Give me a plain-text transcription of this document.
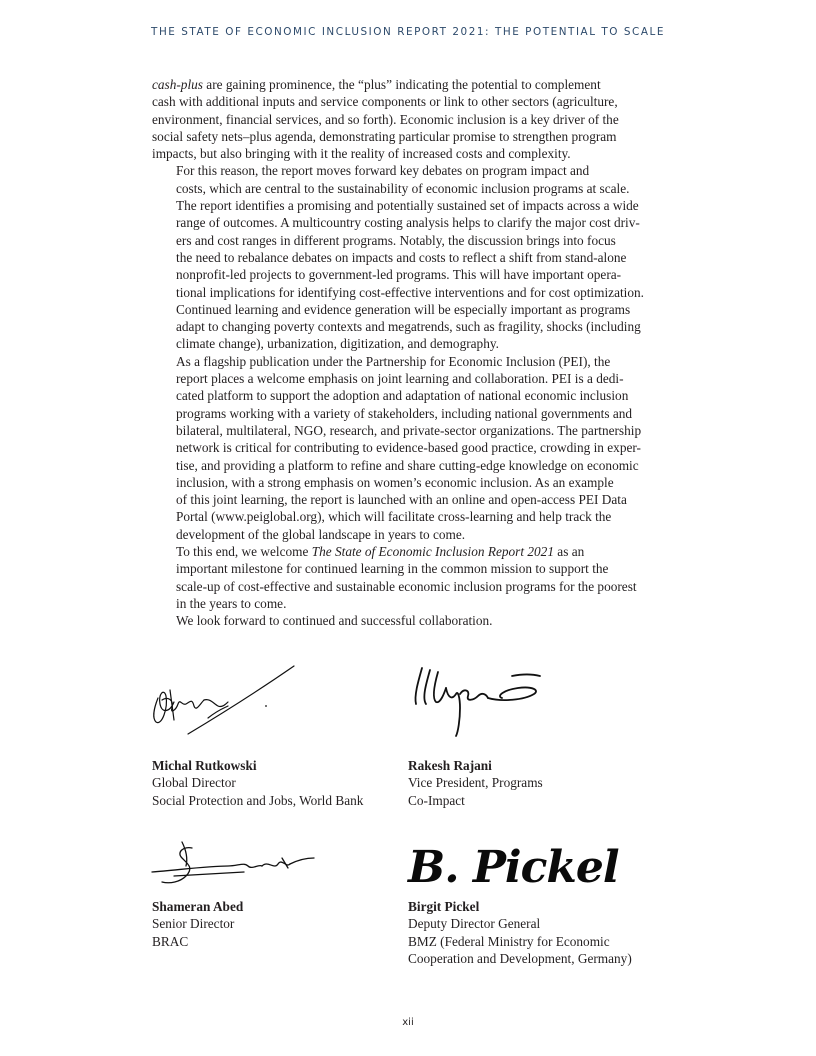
THE STATE OF ECONOMIC INCLUSION REPORT 2021: THE POTENTIAL TO SCALE

cash-plus are gaining prominence, the “plus” indicating the potential to complement
cash with additional inputs and service components or link to other sectors (agriculture,
environment, financial services, and so forth). Economic inclusion is a key driver of the
social safety nets–plus agenda, demonstrating particular promise to strengthen program
impacts, but also bringing with it the reality of increased costs and complexity.

For this reason, the report moves forward key debates on program impact and
costs, which are central to the sustainability of economic inclusion programs at scale.
The report identifies a promising and potentially sustained set of impacts across a wide
range of outcomes. A multicountry costing analysis helps to clarify the major cost driv-
ers and cost ranges in different programs. Notably, the discussion brings into focus
the need to rebalance debates on impacts and costs to reflect a shift from stand-alone
nonprofit-led projects to government-led programs. This will have important opera-
tional implications for identifying cost-effective interventions and for cost optimization.
Continued learning and evidence generation will be especially important as programs
adapt to changing poverty contexts and megatrends, such as fragility, shocks (including
climate change), urbanization, digitization, and demography.

As a flagship publication under the Partnership for Economic Inclusion (PEI), the
report places a welcome emphasis on joint learning and collaboration. PEI is a dedi-
cated platform to support the adoption and adaptation of national economic inclusion
programs working with a variety of stakeholders, including national governments and
bilateral, multilateral, NGO, research, and private-sector organizations. The partnership
network is critical for contributing to evidence-based good practice, crowding in exper-
tise, and providing a platform to refine and share cutting-edge knowledge on economic
inclusion, with a strong emphasis on women’s economic inclusion. As an example
of this joint learning, the report is launched with an online and open-access PEI Data
Portal (www.peiglobal.org), which will facilitate cross-learning and help track the
development of the global landscape in years to come.

To this end, we welcome The State of Economic Inclusion Report 2021 as an
important milestone for continued learning in the common mission to support the
scale-up of cost-effective and sustainable economic inclusion programs for the poorest
in the years to come.

We look forward to continued and successful collaboration.

Michal Rutkowski
Global Director
Social Protection and Jobs, World Bank
Rakesh Rajani
Vice President, Programs
Co-Impact
B. Pickel
Shameran Abed
Senior Director
BRAC
Birgit Pickel
Deputy Director General
BMZ (Federal Ministry for Economic
Cooperation and Development, Germany)
xii
